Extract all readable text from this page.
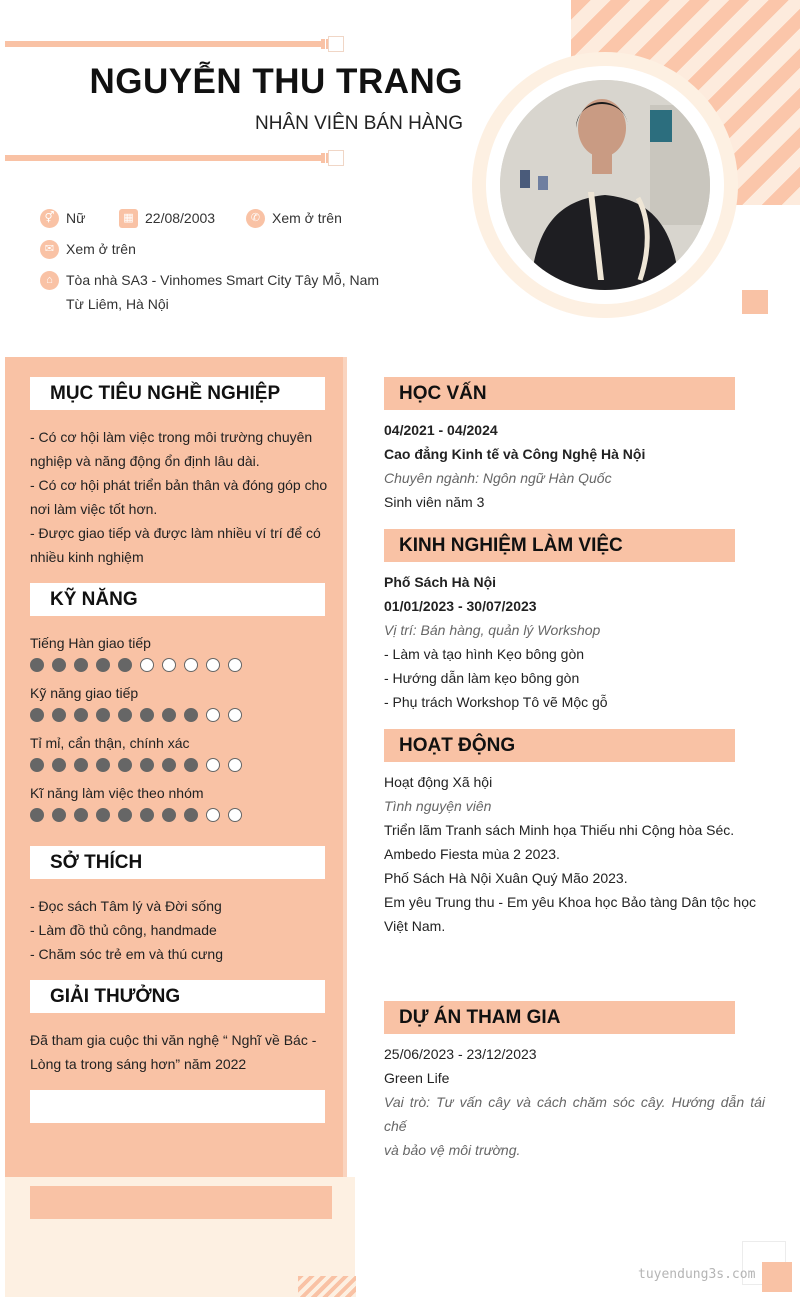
NGUYỄN THU TRANG
NHÂN VIÊN BÁN HÀNG
⚥ Nữ	▦ 22/08/2003	✆ Xem ở trên
✉ Xem ở trên
⌂ Tòa nhà SA3 - Vinhomes Smart City Tây Mỗ, Nam
Từ Liêm, Hà Nội
MỤC TIÊU NGHỀ NGHIỆP
- Có cơ hội làm việc trong môi trường chuyên
nghiệp và năng động ổn định lâu dài.
- Có cơ hội phát triển bản thân và đóng góp cho
nơi làm việc tốt hơn.
- Được giao tiếp và được làm nhiều ví trí để có
nhiều kinh nghiệm
KỸ NĂNG
Tiếng Hàn giao tiếp
Kỹ năng giao tiếp
Tỉ mỉ, cẩn thận, chính xác
Kĩ năng làm việc theo nhóm
SỞ THÍCH
- Đọc sách Tâm lý và Đời sống
- Làm đồ thủ công, handmade
- Chăm sóc trẻ em và thú cưng
GIẢI THƯỞNG
Đã tham gia cuộc thi văn nghệ “ Nghĩ về Bác -
Lòng ta trong sáng hơn” năm 2022
HỌC VẤN
04/2021 - 04/2024
Cao đẳng Kinh tế và Công Nghệ Hà Nội
Chuyên ngành: Ngôn ngữ Hàn Quốc
Sinh viên năm 3
KINH NGHIỆM LÀM VIỆC
Phố Sách Hà Nội
01/01/2023 - 30/07/2023
Vị trí: Bán hàng, quản lý Workshop
- Làm và tạo hình Kẹo bông gòn
- Hướng dẫn làm kẹo bông gòn
- Phụ trách Workshop Tô vẽ Mộc gỗ
HOẠT ĐỘNG
Hoạt động Xã hội
Tình nguyện viên
Triển lãm Tranh sách Minh họa Thiếu nhi Cộng hòa Séc.
Ambedo Fiesta mùa 2 2023.
Phố Sách Hà Nội Xuân Quý Mão 2023.
Em yêu Trung thu - Em yêu Khoa học Bảo tàng Dân tộc học
Việt Nam.
DỰ ÁN THAM GIA
25/06/2023 - 23/12/2023
Green Life
Vai trò: Tư vấn cây và cách chăm sóc cây. Hướng dẫn tái chế
và bảo vệ môi trường.
tuyendung3s.com
